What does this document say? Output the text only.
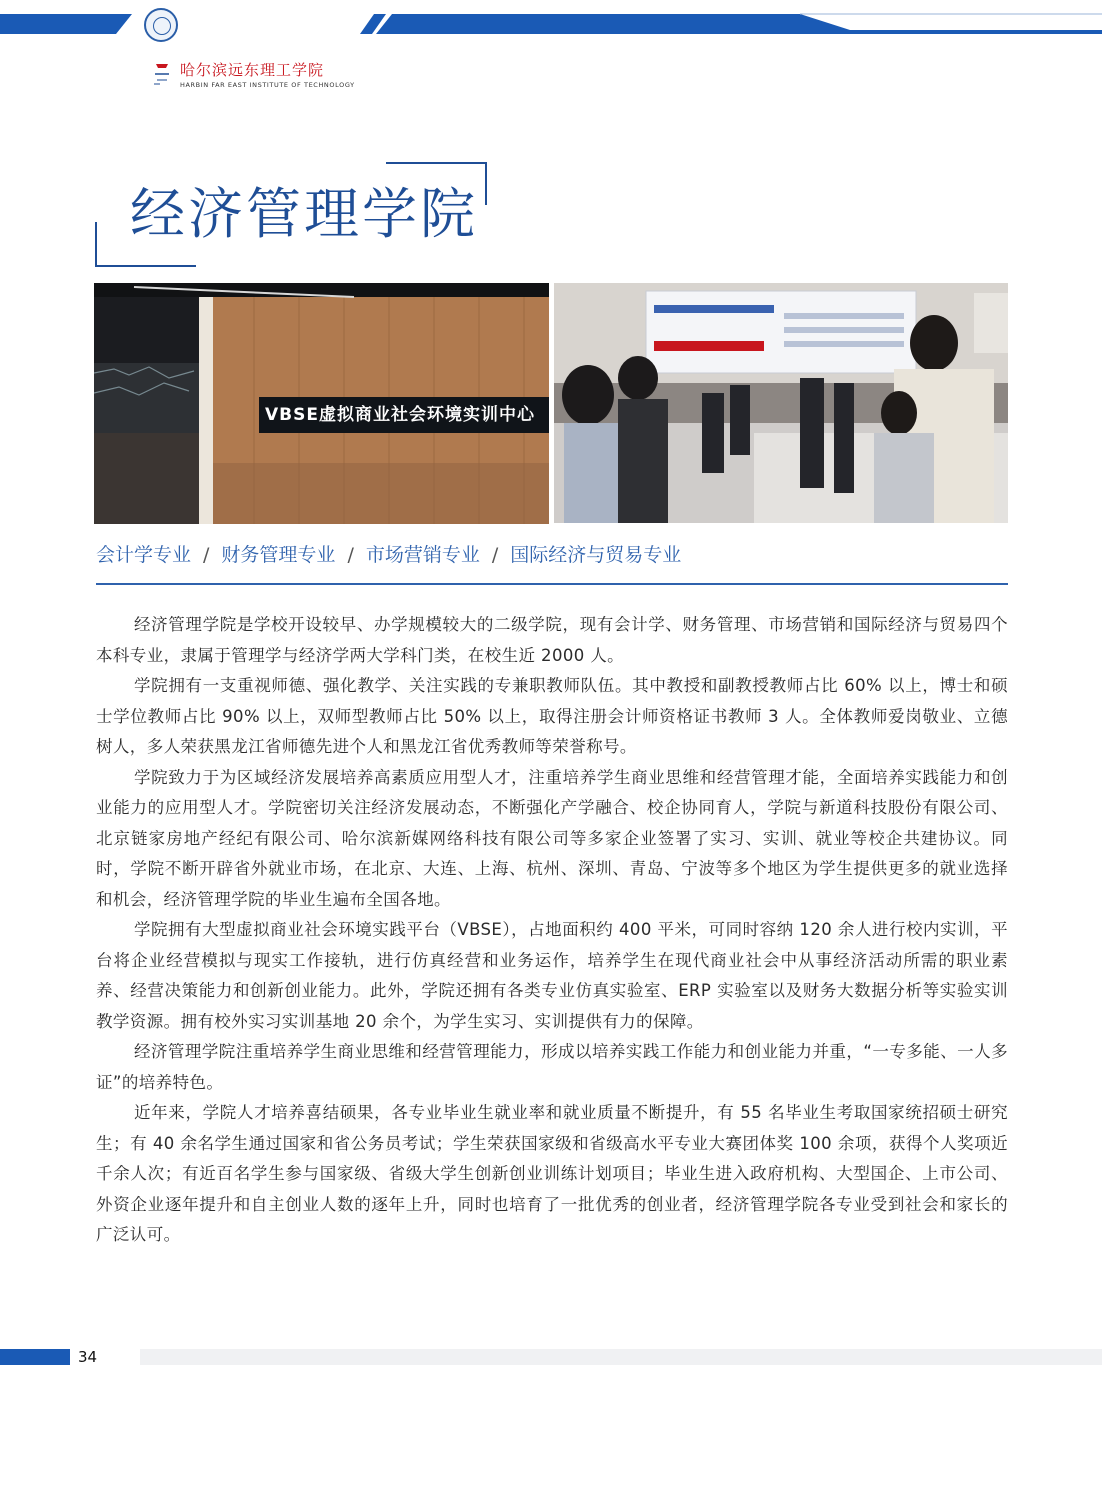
哈尔滨远东理工学院
HARBIN FAR EAST INSTITUTE OF TECHNOLOGY
经济管理学院
VBSE虚拟商业社会环境实训中心
会计学专业 / 财务管理专业 / 市场营销专业 / 国际经济与贸易专业

经济管理学院是学校开设较早、办学规模较大的二级学院，现有会计学、财务管理、市场营销和国际经济与贸易四个本科专业，隶属于管理学与经济学两大学科门类，在校生近 2000 人。

学院拥有一支重视师德、强化教学、关注实践的专兼职教师队伍。其中教授和副教授教师占比 60% 以上，博士和硕士学位教师占比 90% 以上，双师型教师占比 50% 以上，取得注册会计师资格证书教师 3 人。全体教师爱岗敬业、立德树人，多人荣获黑龙江省师德先进个人和黑龙江省优秀教师等荣誉称号。

学院致力于为区域经济发展培养高素质应用型人才，注重培养学生商业思维和经营管理才能，全面培养实践能力和创业能力的应用型人才。学院密切关注经济发展动态，不断强化产学融合、校企协同育人，学院与新道科技股份有限公司、北京链家房地产经纪有限公司、哈尔滨新媒网络科技有限公司等多家企业签署了实习、实训、就业等校企共建协议。同时，学院不断开辟省外就业市场，在北京、大连、上海、杭州、深圳、青岛、宁波等多个地区为学生提供更多的就业选择和机会，经济管理学院的毕业生遍布全国各地。

学院拥有大型虚拟商业社会环境实践平台（VBSE），占地面积约 400 平米，可同时容纳 120 余人进行校内实训，平台将企业经营模拟与现实工作接轨，进行仿真经营和业务运作，培养学生在现代商业社会中从事经济活动所需的职业素养、经营决策能力和创新创业能力。此外，学院还拥有各类专业仿真实验室、ERP 实验室以及财务大数据分析等实验实训教学资源。拥有校外实习实训基地 20 余个，为学生实习、实训提供有力的保障。

经济管理学院注重培养学生商业思维和经营管理能力，形成以培养实践工作能力和创业能力并重，“一专多能、一人多证”的培养特色。

近年来，学院人才培养喜结硕果，各专业毕业生就业率和就业质量不断提升，有 55 名毕业生考取国家统招硕士研究生；有 40 余名学生通过国家和省公务员考试；学生荣获国家级和省级高水平专业大赛团体奖 100 余项，获得个人奖项近千余人次；有近百名学生参与国家级、省级大学生创新创业训练计划项目；毕业生进入政府机构、大型国企、上市公司、外资企业逐年提升和自主创业人数的逐年上升，同时也培育了一批优秀的创业者，经济管理学院各专业受到社会和家长的广泛认可。

34
